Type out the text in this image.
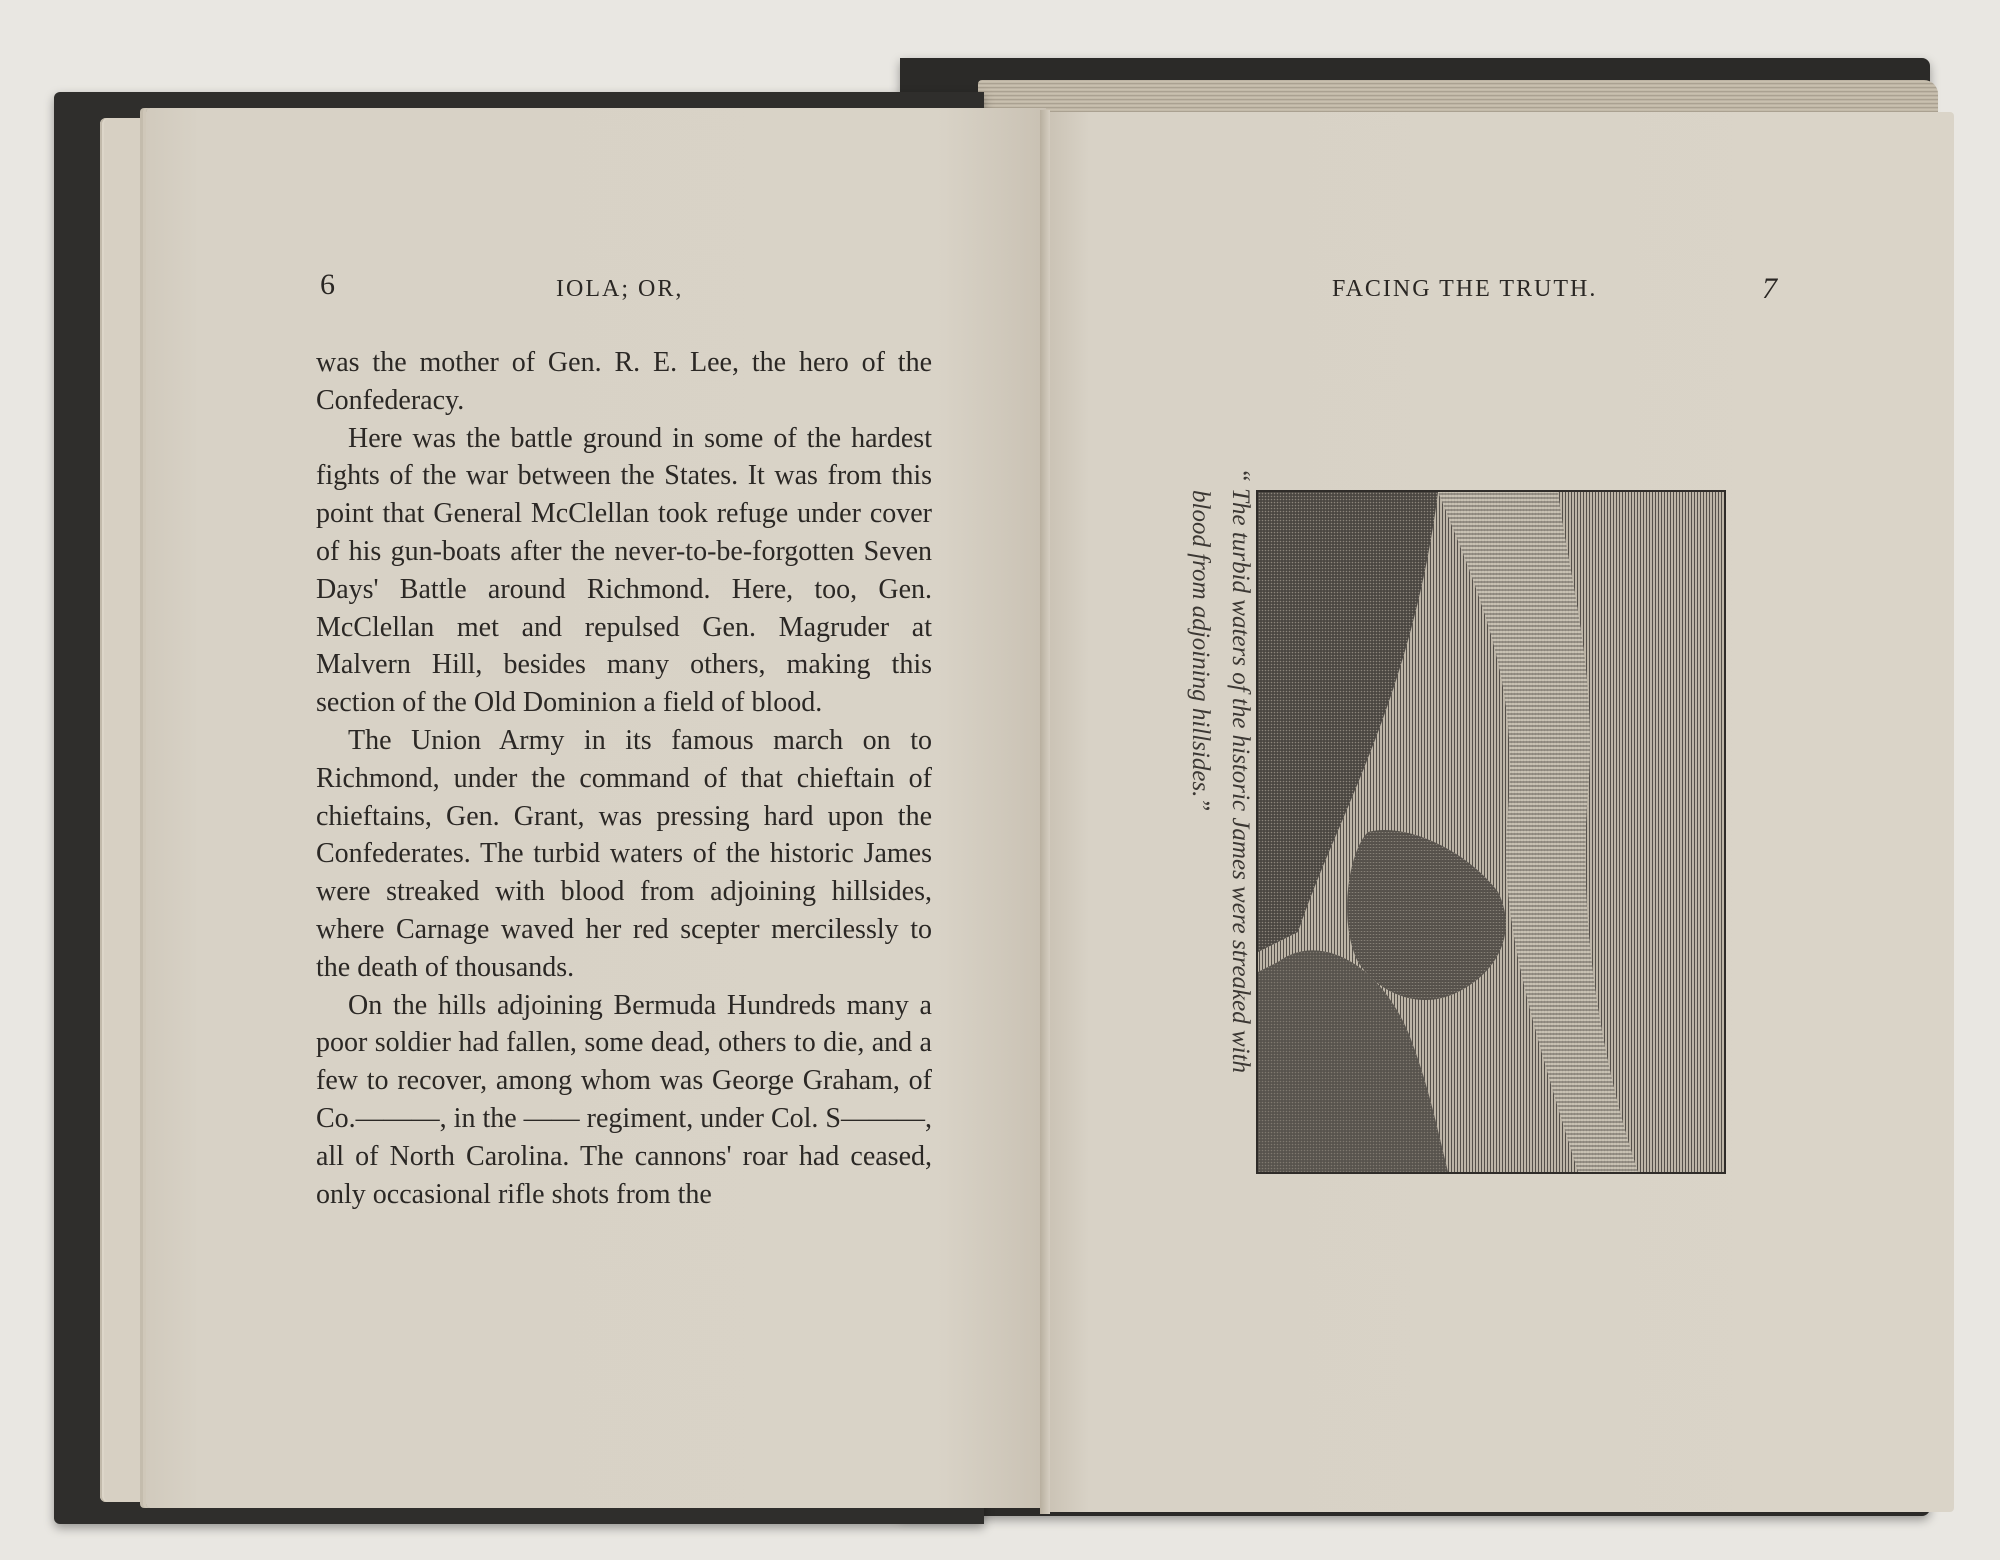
6	IOLA; OR,

was the mother of Gen. R. E. Lee, the hero of the Confederacy.

Here was the battle ground in some of the hardest fights of the war between the States. It was from this point that General McClellan took refuge under cover of his gun-boats after the never-to-be-forgotten Seven Days' Battle around Richmond. Here, too, Gen. McClellan met and repulsed Gen. Magruder at Malvern Hill, besides many others, making this section of the Old Dominion a field of blood.

The Union Army in its famous march on to Richmond, under the command of that chieftain of chieftains, Gen. Grant, was pressing hard upon the Confederates. The turbid waters of the historic James were streaked with blood from adjoining hillsides, where Carnage waved her red scepter mercilessly to the death of thousands.

On the hills adjoining Bermuda Hundreds many a poor soldier had fallen, some dead, others to die, and a few to recover, among whom was George Graham, of Co.———, in the —— regiment, under Col. S———, all of North Carolina. The cannons' roar had ceased, only occasional rifle shots from the

FACING THE TRUTH.	7
“ The turbid waters of the historic James were streaked with
blood from adjoining hillsides.”
